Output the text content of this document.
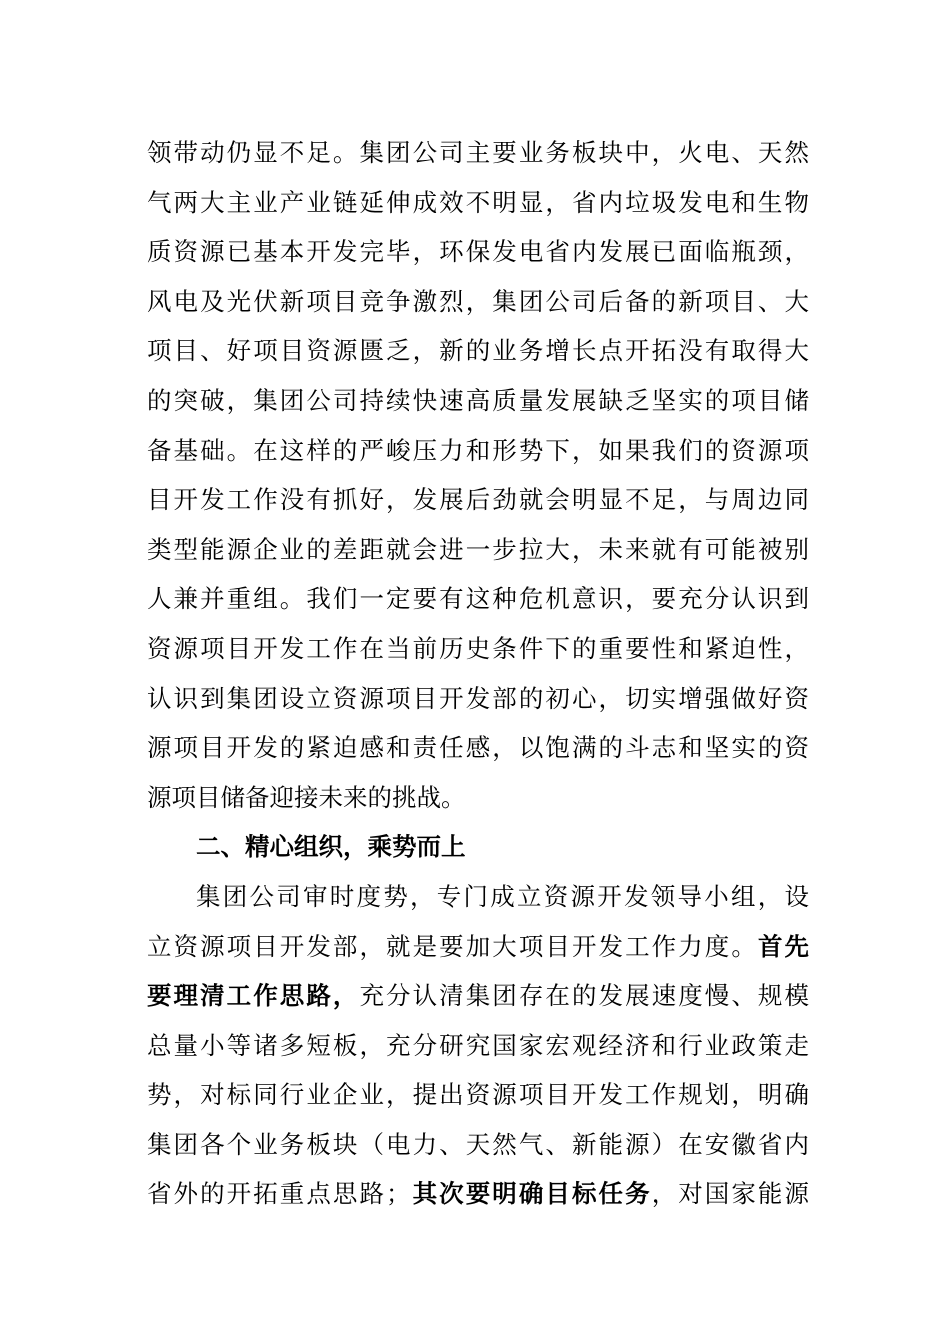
领带动仍显不足。集团公司主要业务板块中，火电、天然
气两大主业产业链延伸成效不明显，省内垃圾发电和生物
质资源已基本开发完毕，环保发电省内发展已面临瓶颈，
风电及光伏新项目竞争激烈，集团公司后备的新项目、大
项目、好项目资源匮乏，新的业务增长点开拓没有取得大
的突破，集团公司持续快速高质量发展缺乏坚实的项目储
备基础。在这样的严峻压力和形势下，如果我们的资源项
目开发工作没有抓好，发展后劲就会明显不足，与周边同
类型能源企业的差距就会进一步拉大，未来就有可能被别
人兼并重组。我们一定要有这种危机意识，要充分认识到
资源项目开发工作在当前历史条件下的重要性和紧迫性，
认识到集团设立资源项目开发部的初心，切实增强做好资
源项目开发的紧迫感和责任感，以饱满的斗志和坚实的资
源项目储备迎接未来的挑战。
二、精心组织，乘势而上
集团公司审时度势，专门成立资源开发领导小组，设
立资源项目开发部，就是要加大项目开发工作力度。首先
要理清工作思路，充分认清集团存在的发展速度慢、规模
总量小等诸多短板，充分研究国家宏观经济和行业政策走
势，对标同行业企业，提出资源项目开发工作规划，明确
集团各个业务板块（电力、天然气、新能源）在安徽省内
省外的开拓重点思路；其次要明确目标任务，对国家能源
